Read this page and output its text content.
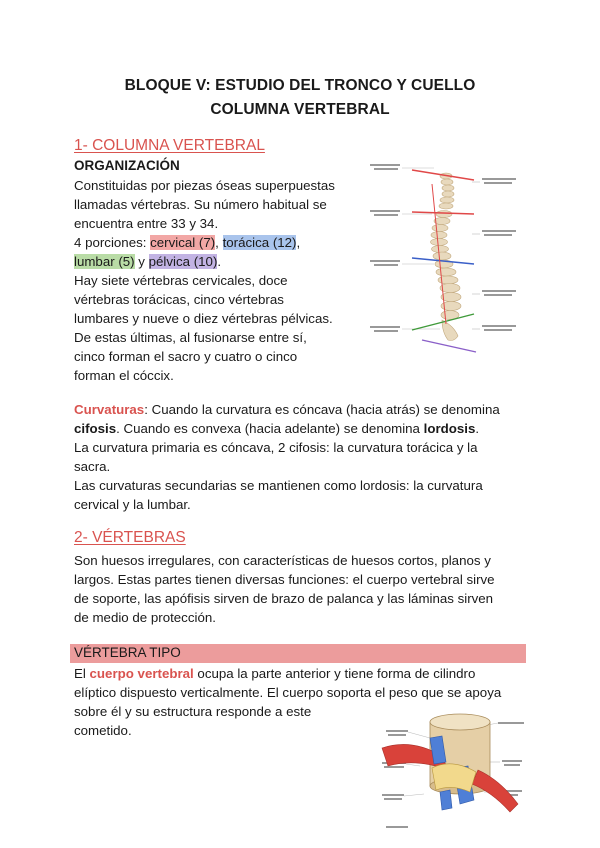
BLOQUE V: ESTUDIO DEL TRONCO Y CUELLO
COLUMNA VERTEBRAL
1- COLUMNA VERTEBRAL
ORGANIZACIÓN
Constituidas por piezas óseas superpuestas
llamadas vértebras. Su número habitual se
encuentra entre 33 y 34.
4 porciones: cervical (7), torácica (12),
lumbar (5) y pélvica (10).
Hay siete vértebras cervicales, doce
vértebras torácicas, cinco vértebras
lumbares y nueve o diez vértebras pélvicas.
De estas últimas, al fusionarse entre sí,
cinco forman el sacro y cuatro o cinco
forman el cóccix.
Curvaturas: Cuando la curvatura es cóncava (hacia atrás) se denomina
cifosis. Cuando es convexa (hacia adelante) se denomina lordosis.
La curvatura primaria es cóncava, 2 cifosis: la curvatura torácica y la
sacra.
Las curvaturas secundarias se mantienen como lordosis: la curvatura
cervical y la lumbar.
2- VÉRTEBRAS
Son huesos irregulares, con características de huesos cortos, planos y
largos. Estas partes tienen diversas funciones: el cuerpo vertebral sirve
de soporte, las apófisis sirven de brazo de palanca y las láminas sirven
de medio de protección.
VÉRTEBRA TIPO
El cuerpo vertebral ocupa la parte anterior y tiene forma de cilindro
elíptico dispuesto verticalmente. El cuerpo soporta el peso que se apoya
sobre él y su estructura responde a este
cometido.
